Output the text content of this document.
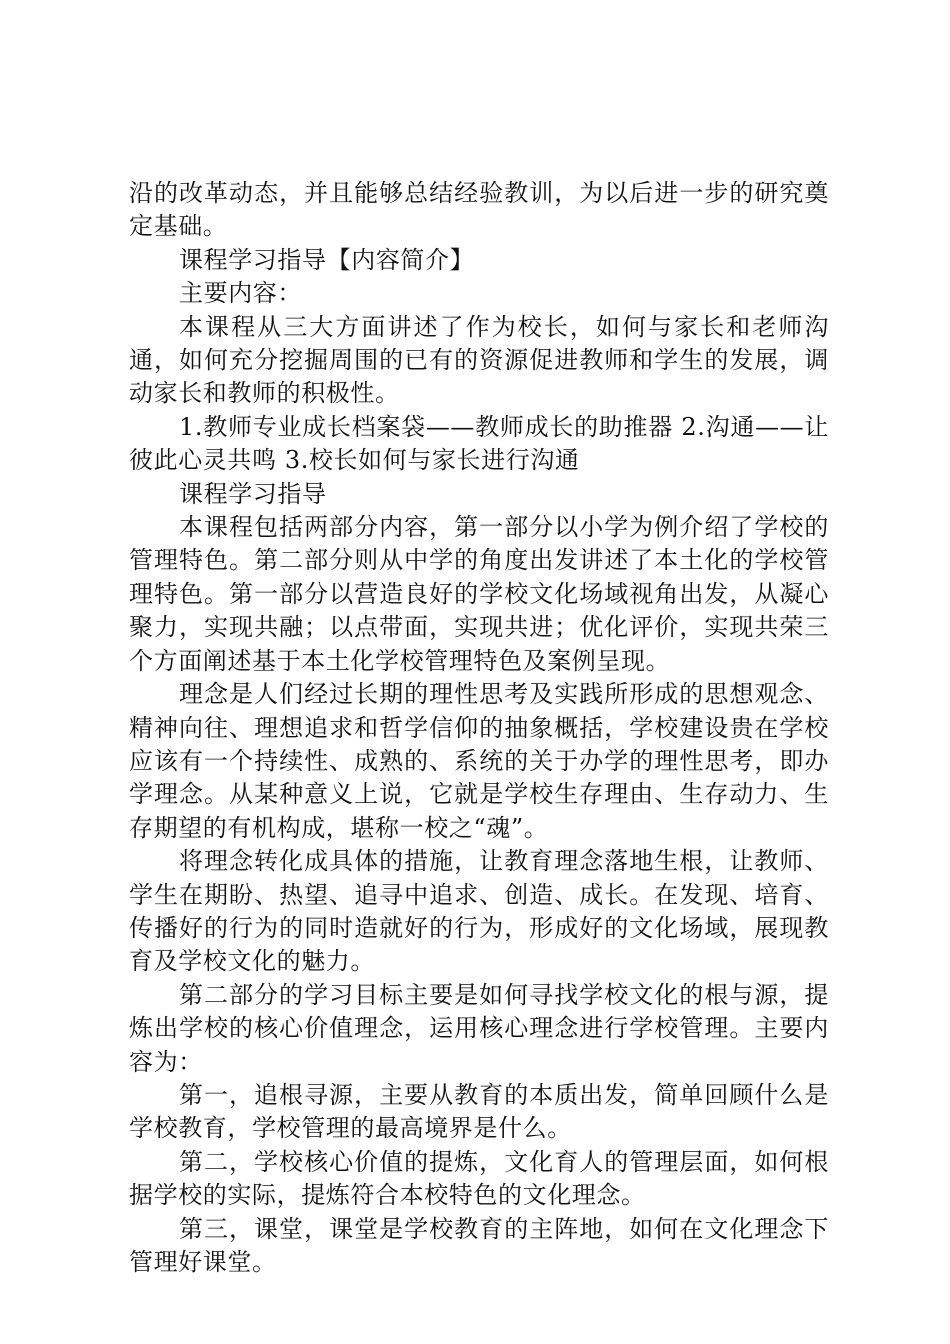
沿的改革动态，并且能够总结经验教训，为以后进一步的研究奠定基础。

课程学习指导【内容简介】

主要内容：

本课程从三大方面讲述了作为校长，如何与家长和老师沟通，如何充分挖掘周围的已有的资源促进教师和学生的发展，调动家长和教师的积极性。

1.教师专业成长档案袋——教师成长的助推器 2.沟通——让彼此心灵共鸣 3.校长如何与家长进行沟通

课程学习指导

本课程包括两部分内容，第一部分以小学为例介绍了学校的管理特色。第二部分则从中学的角度出发讲述了本土化的学校管理特色。第一部分以营造良好的学校文化场域视角出发，从凝心聚力，实现共融；以点带面，实现共进；优化评价，实现共荣三个方面阐述基于本土化学校管理特色及案例呈现。

理念是人们经过长期的理性思考及实践所形成的思想观念、精神向往、理想追求和哲学信仰的抽象概括，学校建设贵在学校应该有一个持续性、成熟的、系统的关于办学的理性思考，即办学理念。从某种意义上说，它就是学校生存理由、生存动力、生存期望的有机构成，堪称一校之“魂”。

将理念转化成具体的措施，让教育理念落地生根，让教师、学生在期盼、热望、追寻中追求、创造、成长。在发现、培育、传播好的行为的同时造就好的行为，形成好的文化场域，展现教育及学校文化的魅力。

第二部分的学习目标主要是如何寻找学校文化的根与源，提炼出学校的核心价值理念，运用核心理念进行学校管理。主要内容为：

第一，追根寻源，主要从教育的本质出发，简单回顾什么是学校教育，学校管理的最高境界是什么。

第二，学校核心价值的提炼，文化育人的管理层面，如何根据学校的实际，提炼符合本校特色的文化理念。

第三，课堂，课堂是学校教育的主阵地，如何在文化理念下管理好课堂。
